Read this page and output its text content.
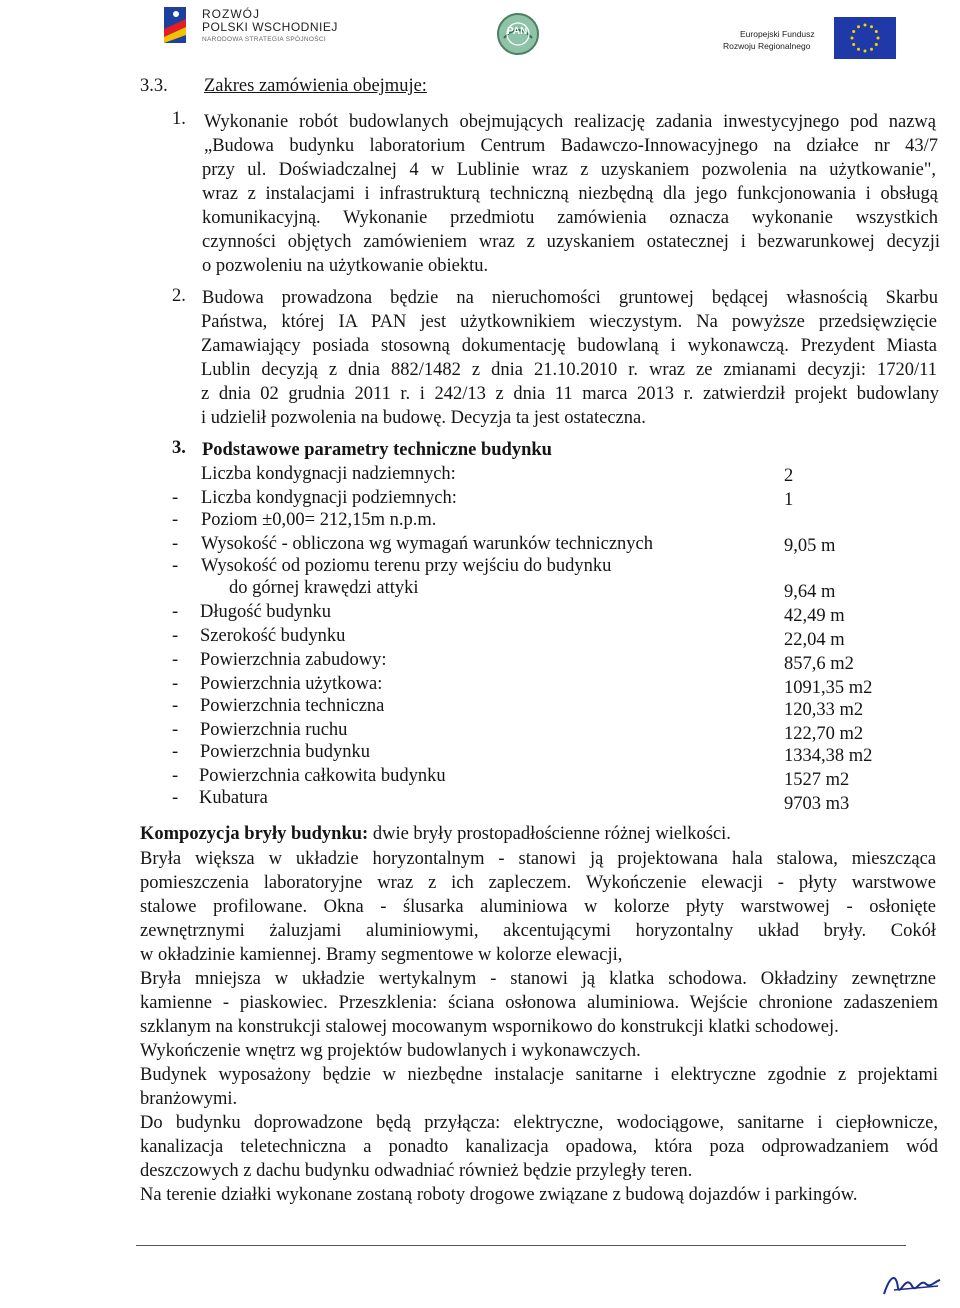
ROZWÓJ
POLSKI WSCHODNIEJ
NARODOWA STRATEGIA SPÓJNOŚCI
PAN	Europejski Fundusz
Rozwoju Regionalnego
3.3. Zakres zamówienia obejmuje:
1. Wykonanie robót budowlanych obejmujących realizację zadania inwestycyjnego pod nazwą
„Budowa budynku laboratorium Centrum Badawczo-Innowacyjnego na działce nr 43/7
przy ul. Doświadczalnej 4 w Lublinie wraz z uzyskaniem pozwolenia na użytkowanie",
wraz z instalacjami i infrastrukturą techniczną niezbędną dla jego funkcjonowania i obsługą
komunikacyjną. Wykonanie przedmiotu zamówienia oznacza wykonanie wszystkich
czynności objętych zamówieniem wraz z uzyskaniem ostatecznej i bezwarunkowej decyzji
o pozwoleniu na użytkowanie obiektu.
2. Budowa prowadzona będzie na nieruchomości gruntowej będącej własnością Skarbu
Państwa, której IA PAN jest użytkownikiem wieczystym. Na powyższe przedsięwzięcie
Zamawiający posiada stosowną dokumentację budowlaną i wykonawczą. Prezydent Miasta
Lublin decyzją z dnia 882/1482 z dnia 21.10.2010 r. wraz ze zmianami decyzji: 1720/11
z dnia 02 grudnia 2011 r. i 242/13 z dnia 11 marca 2013 r. zatwierdził projekt budowlany
i udzielił pozwolenia na budowę. Decyzja ta jest ostateczna.
3. Podstawowe parametry techniczne budynku
Liczba kondygnacji nadziemnych:	2
- Liczba kondygnacji podziemnych:	1
- Poziom ±0,00= 212,15m n.p.m.
- Wysokość - obliczona wg wymagań warunków technicznych	9,05 m
- Wysokość od poziomu terenu przy wejściu do budynku
do górnej krawędzi attyki	9,64 m
- Długość budynku	42,49 m
- Szerokość budynku	22,04 m
- Powierzchnia zabudowy:	857,6 m2
- Powierzchnia użytkowa:	1091,35 m2
- Powierzchnia techniczna	120,33 m2
- Powierzchnia ruchu	122,70 m2
- Powierzchnia budynku	1334,38 m2
- Powierzchnia całkowita budynku	1527 m2
- Kubatura	9703 m3
Kompozycja bryły budynku: dwie bryły prostopadłościenne różnej wielkości.
Bryła większa w układzie horyzontalnym - stanowi ją projektowana hala stalowa, mieszcząca
pomieszczenia laboratoryjne wraz z ich zapleczem. Wykończenie elewacji - płyty warstwowe
stalowe profilowane. Okna - ślusarka aluminiowa w kolorze płyty warstwowej - osłonięte
zewnętrznymi żaluzjami aluminiowymi, akcentującymi horyzontalny układ bryły. Cokół
w okładzinie kamiennej. Bramy segmentowe w kolorze elewacji,
Bryła mniejsza w układzie wertykalnym - stanowi ją klatka schodowa. Okładziny zewnętrzne
kamienne - piaskowiec. Przeszklenia: ściana osłonowa aluminiowa. Wejście chronione zadaszeniem
szklanym na konstrukcji stalowej mocowanym wspornikowo do konstrukcji klatki schodowej.
Wykończenie wnętrz wg projektów budowlanych i wykonawczych.
Budynek wyposażony będzie w niezbędne instalacje sanitarne i elektryczne zgodnie z projektami
branżowymi.
Do budynku doprowadzone będą przyłącza: elektryczne, wodociągowe, sanitarne i ciepłownicze,
kanalizacja teletechniczna a ponadto kanalizacja opadowa, która poza odprowadzaniem wód
deszczowych z dachu budynku odwadniać również będzie przyległy teren.
Na terenie działki wykonane zostaną roboty drogowe związane z budową dojazdów i parkingów.
